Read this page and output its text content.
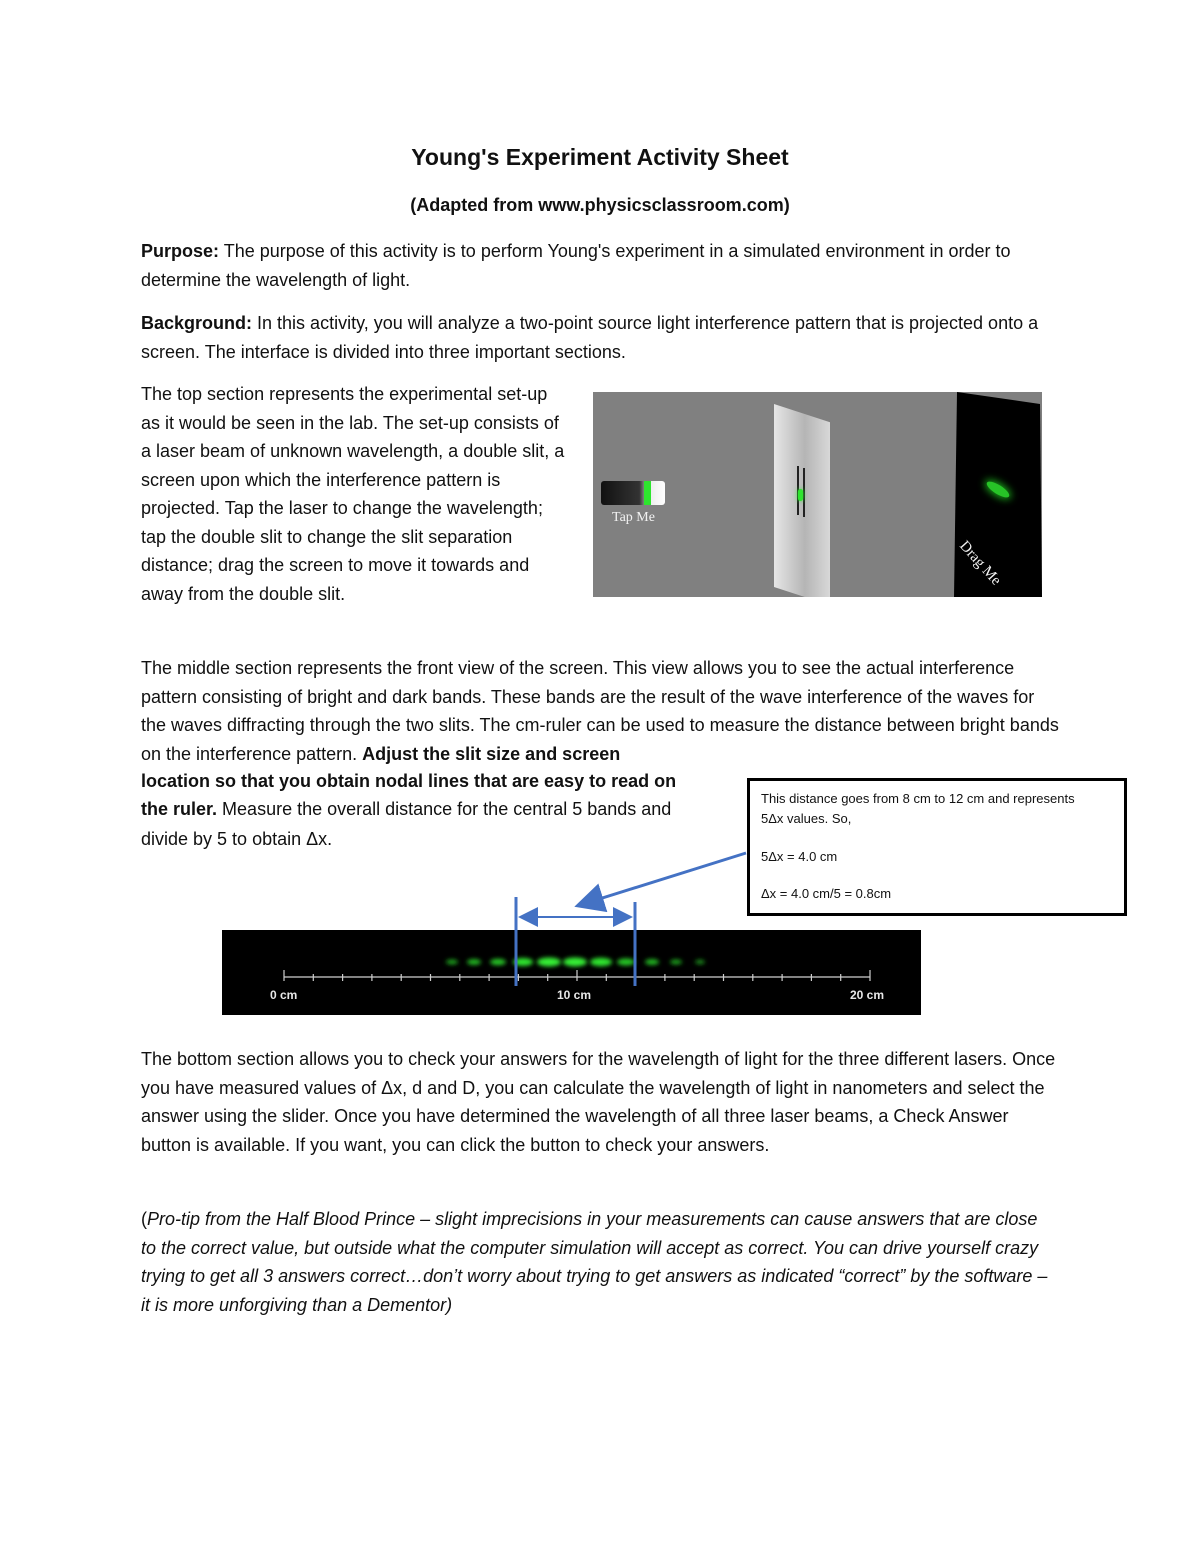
Young's Experiment Activity Sheet
(Adapted from www.physicsclassroom.com)

Purpose: The purpose of this activity is to perform Young's experiment in a simulated environment in order to determine the wavelength of light.

Background: In this activity, you will analyze a two-point source light interference pattern that is projected onto a screen. The interface is divided into three important sections.

The top section represents the experimental set-up as it would be seen in the lab. The set-up consists of a laser beam of unknown wavelength, a double slit, a screen upon which the interference pattern is projected. Tap the laser to change the wavelength; tap the double slit to change the slit separation distance; drag the screen to move it towards and away from the double slit.

Tap Me
Drag Me

The middle section represents the front view of the screen. This view allows you to see the actual interference pattern consisting of bright and dark bands. These bands are the result of the wave interference of the waves for the waves diffracting through the two slits. The cm-ruler can be used to measure the distance between bright bands on the interference pattern. Adjust the slit size and screen

location so that you obtain nodal lines that are easy to read on

the ruler. Measure the overall distance for the central 5 bands and

divide by 5 to obtain Δx.

This distance goes from 8 cm to 12 cm and represents

5Δx values. So,

5Δx = 4.0 cm

Δx = 4.0 cm/5 = 0.8cm

0 cm	10 cm	20 cm

The bottom section allows you to check your answers for the wavelength of light for the three different lasers. Once you have measured values of Δx, d and D, you can calculate the wavelength of light in nanometers and select the answer using the slider. Once you have determined the wavelength of all three laser beams, a Check Answer button is available. If you want, you can click the button to check your answers.

(Pro-tip from the Half Blood Prince – slight imprecisions in your measurements can cause answers that are close to the correct value, but outside what the computer simulation will accept as correct. You can drive yourself crazy trying to get all 3 answers correct…don’t worry about trying to get answers as indicated “correct” by the software – it is more unforgiving than a Dementor)
